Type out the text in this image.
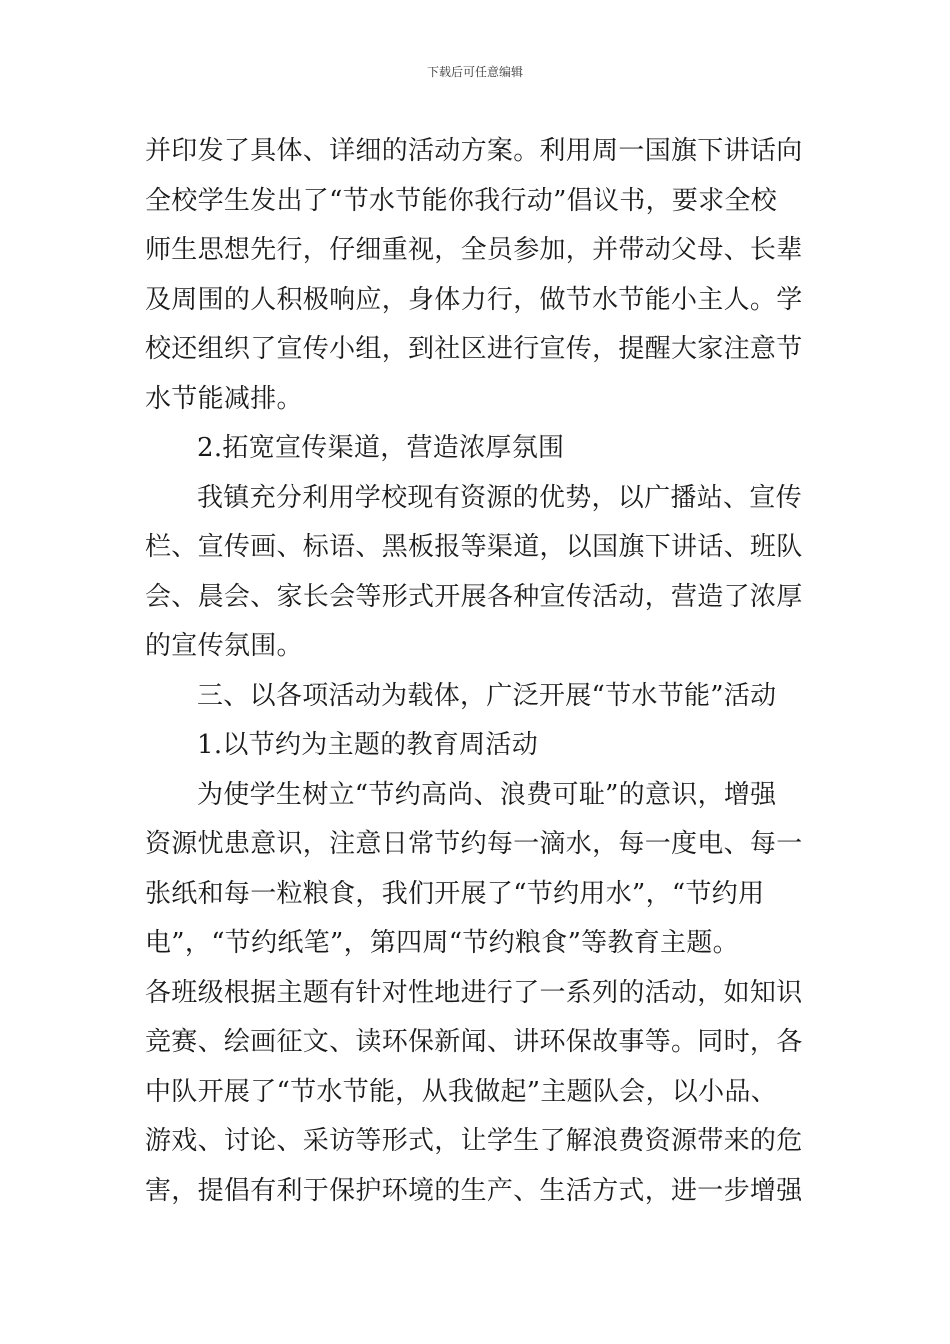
下载后可任意编辑
并印发了具体、详细的活动方案。利用周一国旗下讲话向
全校学生发出了“节水节能你我行动”倡议书，要求全校
师生思想先行，仔细重视，全员参加，并带动父母、长辈
及周围的人积极响应，身体力行，做节水节能小主人。学
校还组织了宣传小组，到社区进行宣传，提醒大家注意节
水节能减排。
2.拓宽宣传渠道，营造浓厚氛围
我镇充分利用学校现有资源的优势，以广播站、宣传
栏、宣传画、标语、黑板报等渠道，以国旗下讲话、班队
会、晨会、家长会等形式开展各种宣传活动，营造了浓厚
的宣传氛围。
三、以各项活动为载体，广泛开展“节水节能”活动
1.以节约为主题的教育周活动
为使学生树立“节约高尚、浪费可耻”的意识，增强
资源忧患意识，注意日常节约每一滴水，每一度电、每一
张纸和每一粒粮食，我们开展了“节约用水”，“节约用
电”，“节约纸笔”，第四周“节约粮食”等教育主题。
各班级根据主题有针对性地进行了一系列的活动，如知识
竞赛、绘画征文、读环保新闻、讲环保故事等。同时，各
中队开展了“节水节能，从我做起”主题队会，以小品、
游戏、讨论、采访等形式，让学生了解浪费资源带来的危
害，提倡有利于保护环境的生产、生活方式，进一步增强
